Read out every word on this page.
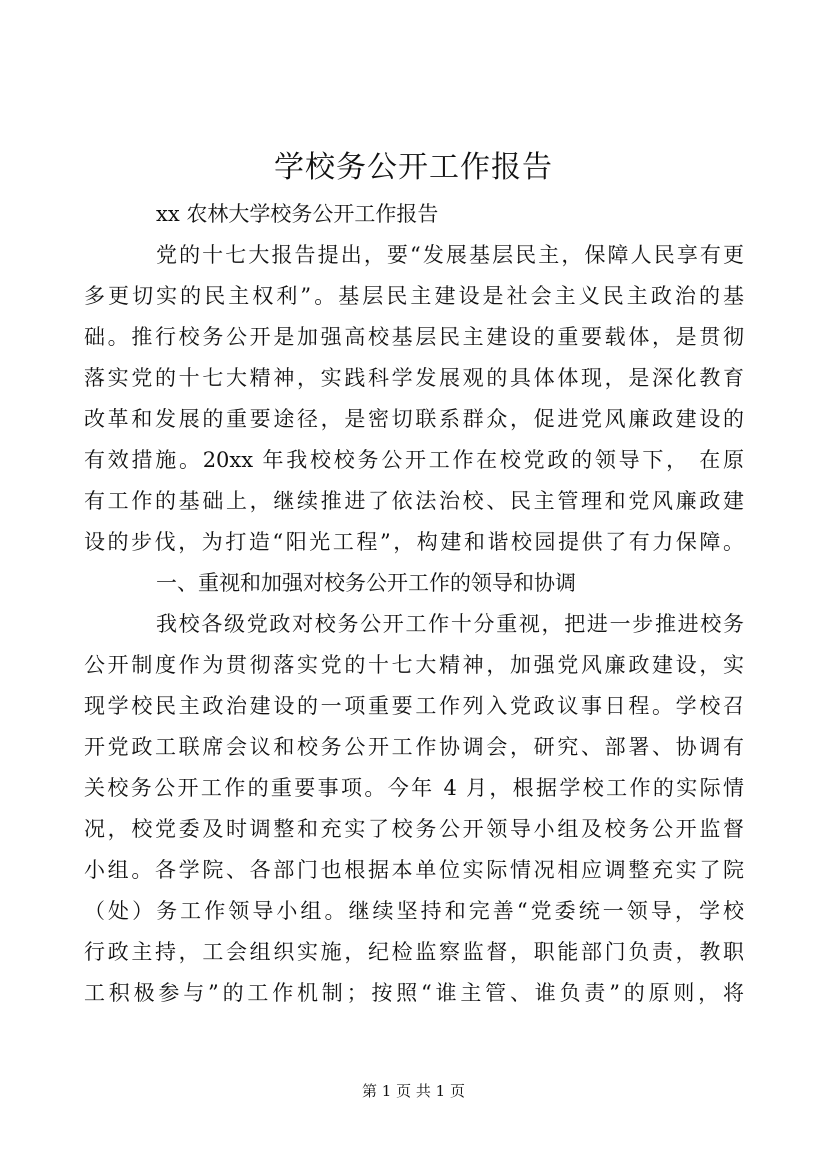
学校务公开工作报告
xx 农林大学校务公开工作报告
党的十七大报告提出，要“发展基层民主，保障人民享有更
多更切实的民主权利”。基层民主建设是社会主义民主政治的基
础。推行校务公开是加强高校基层民主建设的重要载体，是贯彻
落实党的十七大精神，实践科学发展观的具体体现，是深化教育
改革和发展的重要途径，是密切联系群众，促进党风廉政建设的
有效措施。20xx 年我校校务公开工作在校党政的领导下， 在原
有工作的基础上，继续推进了依法治校、民主管理和党风廉政建
设的步伐，为打造“阳光工程”，构建和谐校园提供了有力保障。
一、重视和加强对校务公开工作的领导和协调
我校各级党政对校务公开工作十分重视，把进一步推进校务
公开制度作为贯彻落实党的十七大精神，加强党风廉政建设，实
现学校民主政治建设的一项重要工作列入党政议事日程。学校召
开党政工联席会议和校务公开工作协调会，研究、部署、协调有
关校务公开工作的重要事项。今年 4 月，根据学校工作的实际情
况，校党委及时调整和充实了校务公开领导小组及校务公开监督
小组。各学院、各部门也根据本单位实际情况相应调整充实了院
（处）务工作领导小组。继续坚持和完善“党委统一领导，学校
行政主持，工会组织实施，纪检监察监督，职能部门负责，教职
工积极参与”的工作机制；按照“谁主管、谁负责”的原则，将
第 1 页 共 1 页
